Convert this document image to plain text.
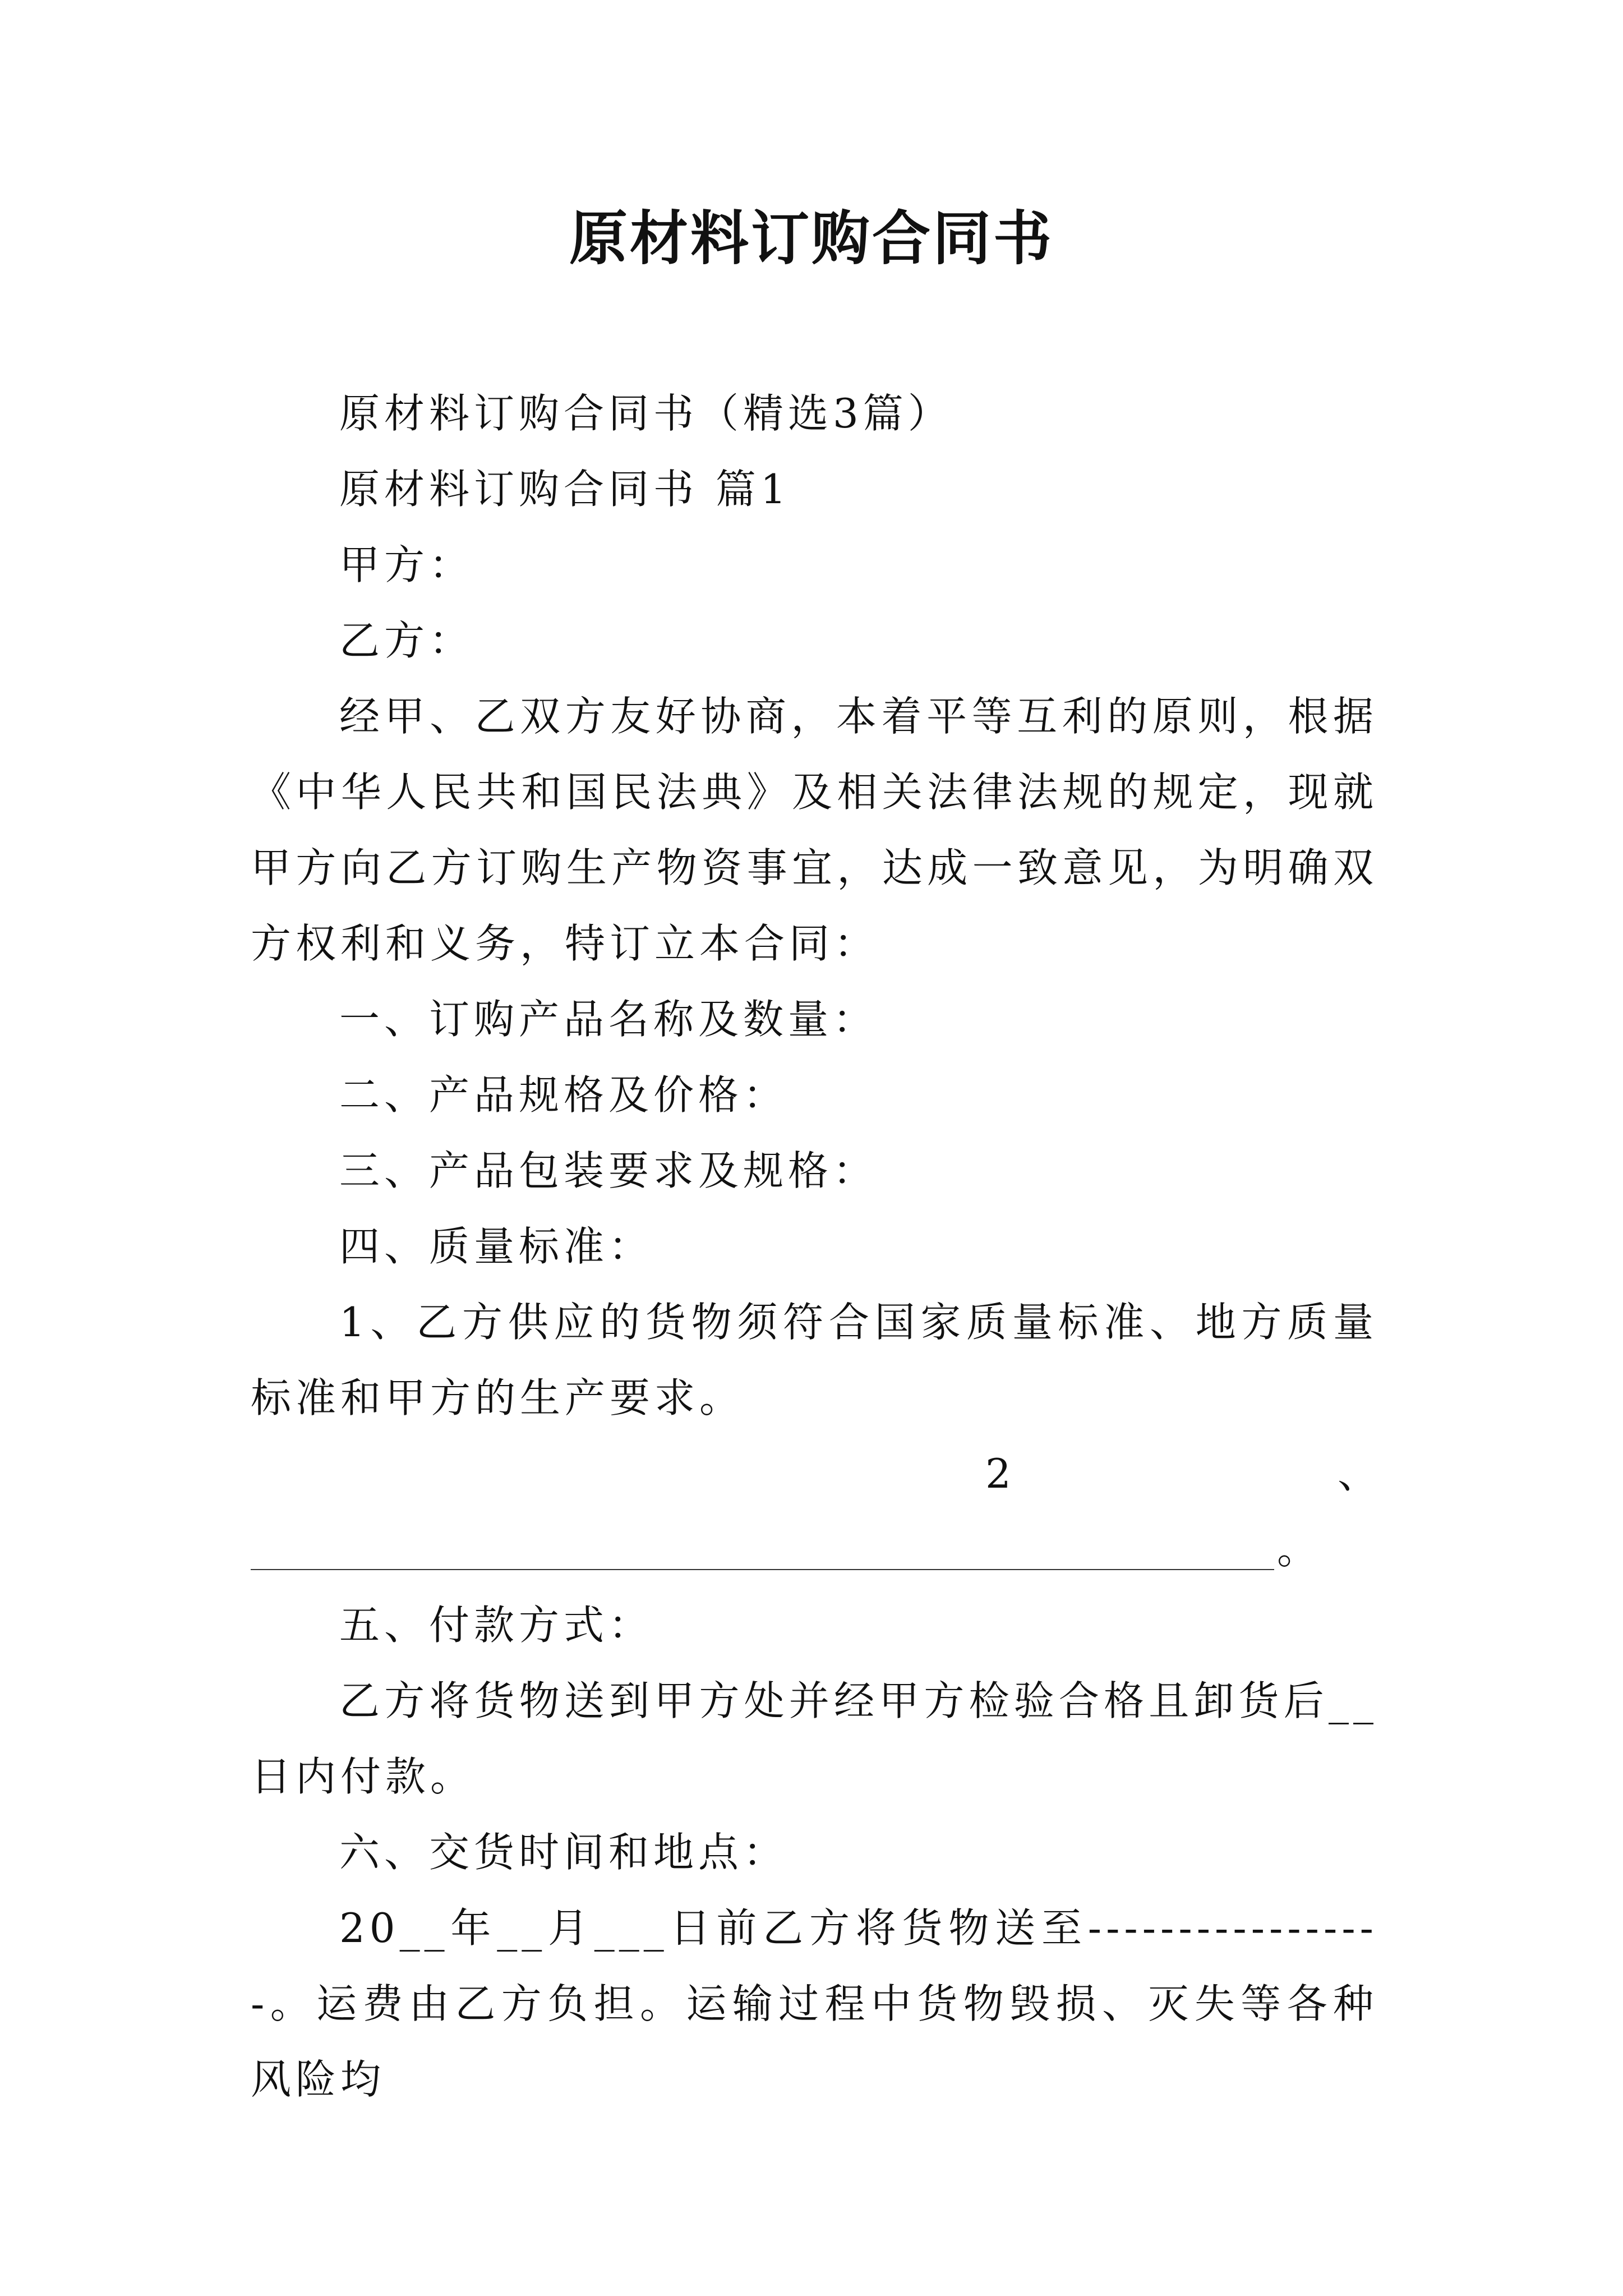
原材料订购合同书

原材料订购合同书（精选3篇）

原材料订购合同书 篇1

甲方：

乙方：

经甲、乙双方友好协商，本着平等互利的原则，根据《中华人民共和国民法典》及相关法律法规的规定，现就甲方向乙方订购生产物资事宜，达成一致意见，为明确双方权利和义务，特订立本合同：

一、订购产品名称及数量：

二、产品规格及价格：

三、产品包装要求及规格：

四、质量标准：

1、乙方供应的货物须符合国家质量标准、地方质量标准和甲方的生产要求。

2	、
。

五、付款方式：

乙方将货物送到甲方处并经甲方检验合格且卸货后__日内付款。

六、交货时间和地点：

20__年__月___日前乙方将货物送至-----------------。运费由乙方负担。运输过程中货物毁损、灭失等各种风险均
